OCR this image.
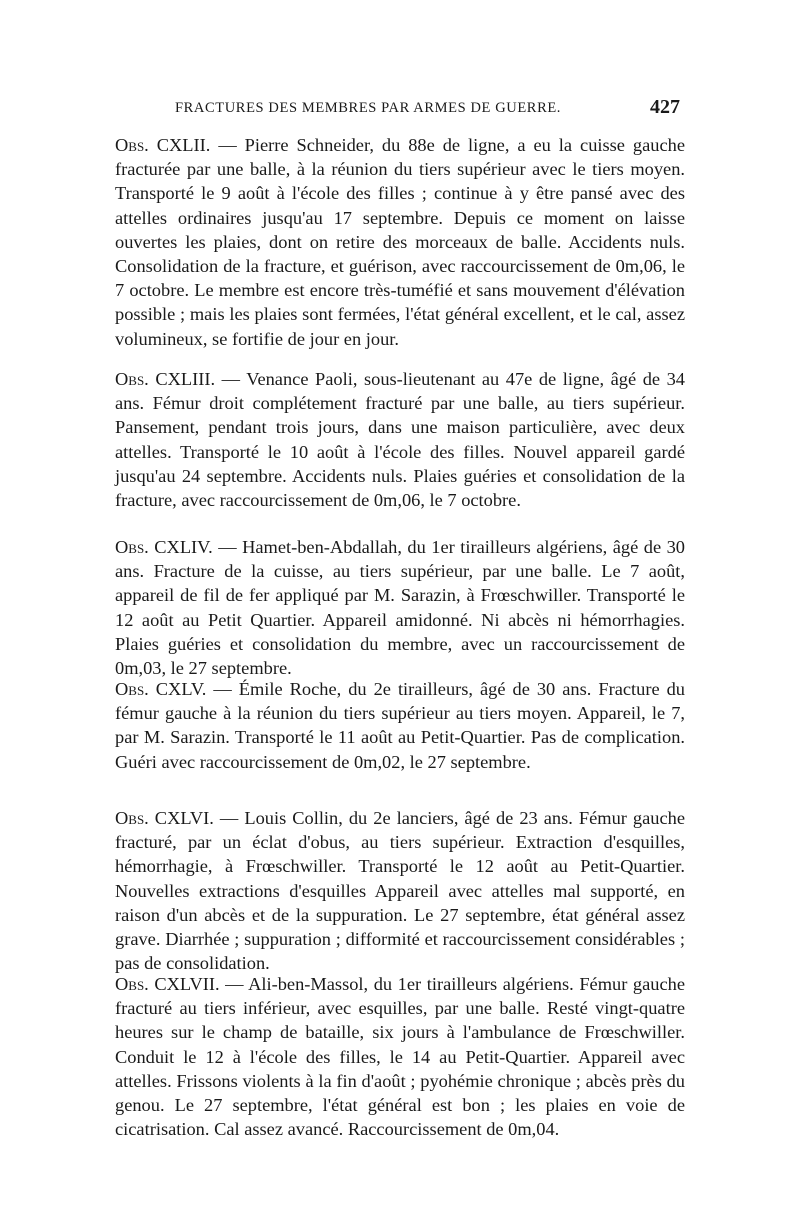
FRACTURES DES MEMBRES PAR ARMES DE GUERRE.	427

Obs. CXLII. — Pierre Schneider, du 88e de ligne, a eu la cuisse gauche fracturée par une balle, à la réunion du tiers supérieur avec le tiers moyen. Transporté le 9 août à l'école des filles ; continue à y être pansé avec des attelles ordinaires jusqu'au 17 septembre. Depuis ce moment on laisse ouvertes les plaies, dont on retire des morceaux de balle. Accidents nuls. Consolidation de la fracture, et guérison, avec raccourcissement de 0m,06, le 7 octobre. Le membre est encore très-tuméfié et sans mouvement d'élévation possible ; mais les plaies sont fermées, l'état général excellent, et le cal, assez volumineux, se fortifie de jour en jour.

Obs. CXLIII. — Venance Paoli, sous-lieutenant au 47e de ligne, âgé de 34 ans. Fémur droit complétement fracturé par une balle, au tiers supérieur. Pansement, pendant trois jours, dans une maison particulière, avec deux attelles. Transporté le 10 août à l'école des filles. Nouvel appareil gardé jusqu'au 24 septembre. Accidents nuls. Plaies guéries et consolidation de la fracture, avec raccourcissement de 0m,06, le 7 octobre.

Obs. CXLIV. — Hamet-ben-Abdallah, du 1er tirailleurs algériens, âgé de 30 ans. Fracture de la cuisse, au tiers supérieur, par une balle. Le 7 août, appareil de fil de fer appliqué par M. Sarazin, à Frœschwiller. Transporté le 12 août au Petit Quartier. Appareil amidonné. Ni abcès ni hémorrhagies. Plaies guéries et consolidation du membre, avec un raccourcissement de 0m,03, le 27 septembre.

Obs. CXLV. — Émile Roche, du 2e tirailleurs, âgé de 30 ans. Fracture du fémur gauche à la réunion du tiers supérieur au tiers moyen. Appareil, le 7, par M. Sarazin. Transporté le 11 août au Petit-Quartier. Pas de complication. Guéri avec raccourcissement de 0m,02, le 27 septembre.

Obs. CXLVI. — Louis Collin, du 2e lanciers, âgé de 23 ans. Fémur gauche fracturé, par un éclat d'obus, au tiers supérieur. Extraction d'esquilles, hémorrhagie, à Frœschwiller. Transporté le 12 août au Petit-Quartier. Nouvelles extractions d'esquilles Appareil avec attelles mal supporté, en raison d'un abcès et de la suppuration. Le 27 septembre, état général assez grave. Diarrhée ; suppuration ; difformité et raccourcissement considérables ; pas de consolidation.

Obs. CXLVII. — Ali-ben-Massol, du 1er tirailleurs algériens. Fémur gauche fracturé au tiers inférieur, avec esquilles, par une balle. Resté vingt-quatre heures sur le champ de bataille, six jours à l'ambulance de Frœschwiller. Conduit le 12 à l'école des filles, le 14 au Petit-Quartier. Appareil avec attelles. Frissons violents à la fin d'août ; pyohémie chronique ; abcès près du genou. Le 27 septembre, l'état général est bon ; les plaies en voie de cicatrisation. Cal assez avancé. Raccourcissement de 0m,04.
